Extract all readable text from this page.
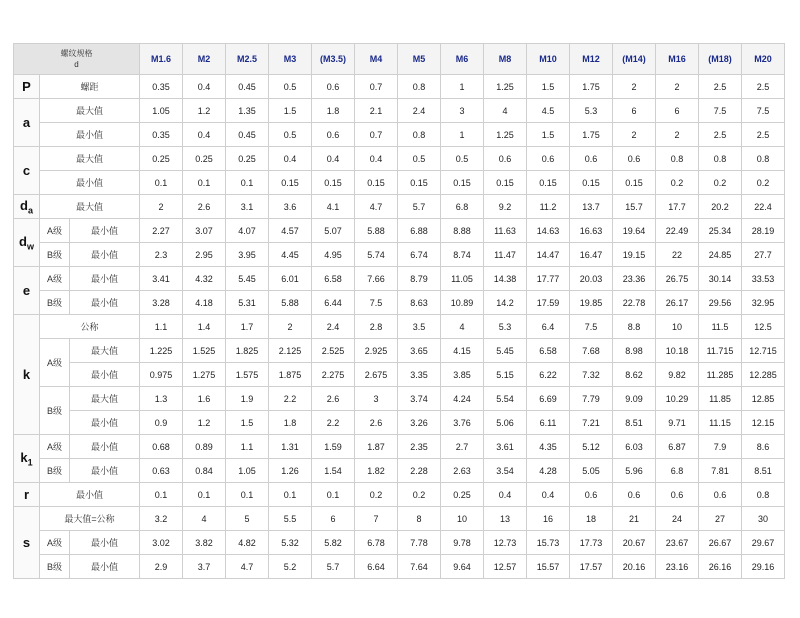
螺纹规格
d			M1.6	M2	M2.5	M3	(M3.5)	M4	M5	M6	M8	M10	M12	(M14)	M16	(M18)	M20
P	螺距		0.35	0.4	0.45	0.5	0.6	0.7	0.8	1	1.25	1.5	1.75	2	2	2.5	2.5
a	最大值		1.05	1.2	1.35	1.5	1.8	2.1	2.4	3	4	4.5	5.3	6	6	7.5	7.5
	最小值		0.35	0.4	0.45	0.5	0.6	0.7	0.8	1	1.25	1.5	1.75	2	2	2.5	2.5
c	最大值		0.25	0.25	0.25	0.4	0.4	0.4	0.5	0.5	0.6	0.6	0.6	0.6	0.8	0.8	0.8
	最小值		0.1	0.1	0.1	0.15	0.15	0.15	0.15	0.15	0.15	0.15	0.15	0.15	0.2	0.2	0.2
$d_a$	最大值		2	2.6	3.1	3.6	4.1	4.7	5.7	6.8	9.2	11.2	13.7	15.7	17.7	20.2	22.4
$d_w$	A级	最小值	2.27	3.07	4.07	4.57	5.07	5.88	6.88	8.88	11.63	14.63	16.63	19.64	22.49	25.34	28.19
	B级	最小值	2.3	2.95	3.95	4.45	4.95	5.74	6.74	8.74	11.47	14.47	16.47	19.15	22	24.85	27.7
e	A级	最小值	3.41	4.32	5.45	6.01	6.58	7.66	8.79	11.05	14.38	17.77	20.03	23.36	26.75	30.14	33.53
	B级	最小值	3.28	4.18	5.31	5.88	6.44	7.5	8.63	10.89	14.2	17.59	19.85	22.78	26.17	29.56	32.95
k	公称		1.1	1.4	1.7	2	2.4	2.8	3.5	4	5.3	6.4	7.5	8.8	10	11.5	12.5
	A级	最大值	1.225	1.525	1.825	2.125	2.525	2.925	3.65	4.15	5.45	6.58	7.68	8.98	10.18	11.715	12.715
		最小值	0.975	1.275	1.575	1.875	2.275	2.675	3.35	3.85	5.15	6.22	7.32	8.62	9.82	11.285	12.285
	B级	最大值	1.3	1.6	1.9	2.2	2.6	3	3.74	4.24	5.54	6.69	7.79	9.09	10.29	11.85	12.85
		最小值	0.9	1.2	1.5	1.8	2.2	2.6	3.26	3.76	5.06	6.11	7.21	8.51	9.71	11.15	12.15
$k_1$	A级	最小值	0.68	0.89	1.1	1.31	1.59	1.87	2.35	2.7	3.61	4.35	5.12	6.03	6.87	7.9	8.6
	B级	最小值	0.63	0.84	1.05	1.26	1.54	1.82	2.28	2.63	3.54	4.28	5.05	5.96	6.8	7.81	8.51
r	最小值		0.1	0.1	0.1	0.1	0.1	0.2	0.2	0.25	0.4	0.4	0.6	0.6	0.6	0.6	0.8
s	最大值=公称		3.2	4	5	5.5	6	7	8	10	13	16	18	21	24	27	30
	A级	最小值	3.02	3.82	4.82	5.32	5.82	6.78	7.78	9.78	12.73	15.73	17.73	20.67	23.67	26.67	29.67
	B级	最小值	2.9	3.7	4.7	5.2	5.7	6.64	7.64	9.64	12.57	15.57	17.57	20.16	23.16	26.16	29.16
